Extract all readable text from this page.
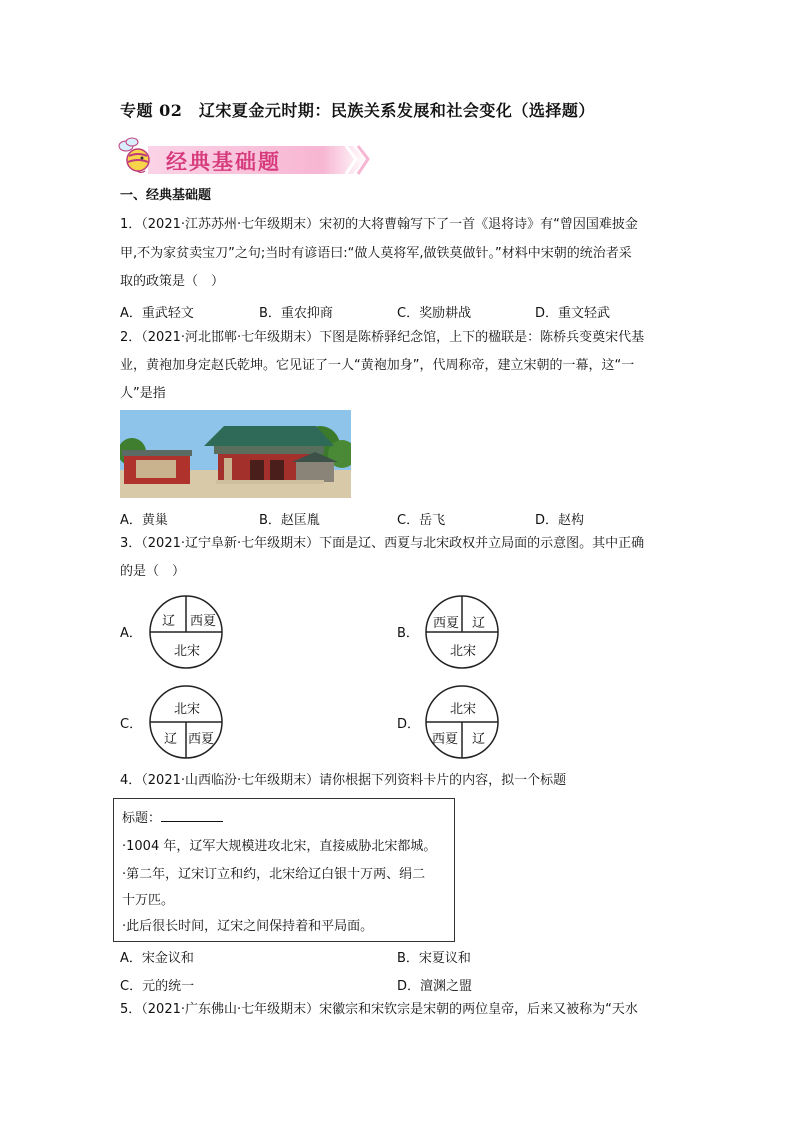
专题 02　辽宋夏金元时期：民族关系发展和社会变化（选择题）
经典基础题
一、经典基础题
1．（2021·江苏苏州·七年级期末）宋初的大将曹翰写下了一首《退将诗》有“曾因国难披金
甲,不为家贫卖宝刀”之句;当时有谚语曰:“做人莫将军,做铁莫做针。”材料中宋朝的统治者采
取的政策是（　）
A．重武轻文	B．重农抑商	C．奖励耕战	D．重文轻武
2．（2021·河北邯郸·七年级期末）下图是陈桥驿纪念馆，上下的楹联是：陈桥兵变奠宋代基
业，黄袍加身定赵氏乾坤。它见证了一人“黄袍加身”，代周称帝，建立宋朝的一幕，这“一
人”是指
A．黄巢	B．赵匡胤	C．岳飞	D．赵构
3．（2021·辽宁阜新·七年级期末）下面是辽、西夏与北宋政权并立局面的示意图。其中正确
的是（　）
A．
辽 西夏
北宋
B．
西夏 辽
北宋
C．
北宋
辽 西夏
D．
北宋
西夏 辽
4．（2021·山西临汾·七年级期末）请你根据下列资料卡片的内容，拟一个标题
标题：
·1004 年，辽军大规模进攻北宋，直接威胁北宋都城。
·第二年，辽宋订立和约，北宋给辽白银十万两、绢二
十万匹。
·此后很长时间，辽宋之间保持着和平局面。
A．宋金议和	B．宋夏议和
C．元的统一	D．澶渊之盟
5．（2021·广东佛山·七年级期末）宋徽宗和宋钦宗是宋朝的两位皇帝，后来又被称为“天水
